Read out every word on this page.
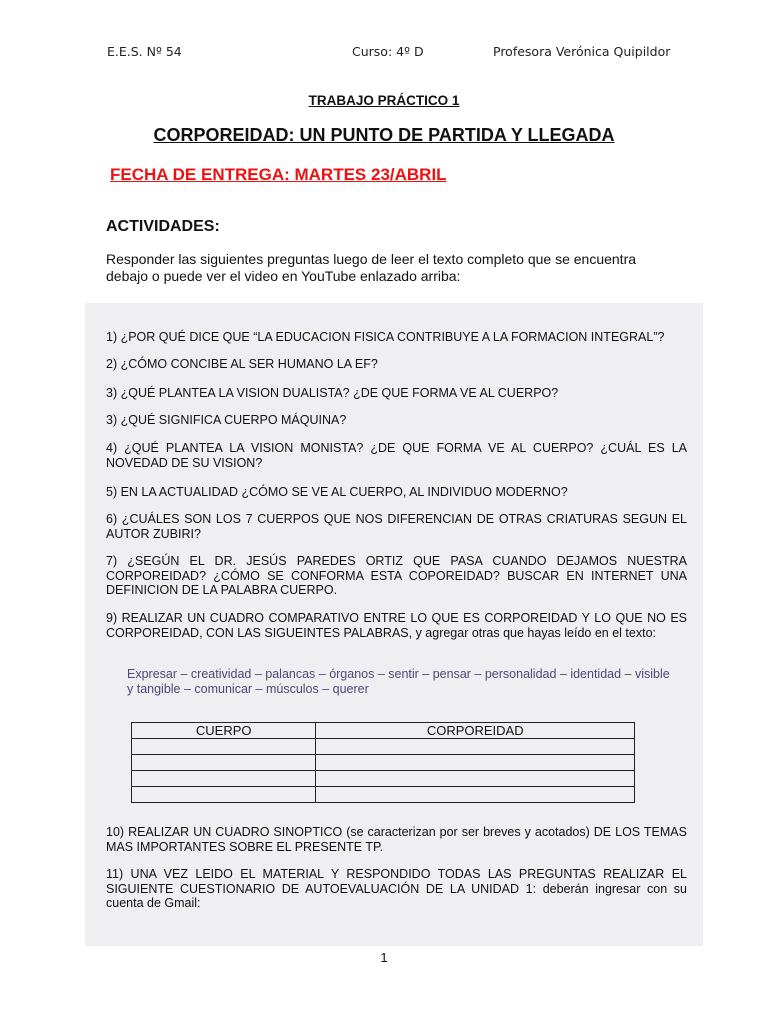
E.E.S. Nº 54	Curso: 4º D	Profesora Verónica Quipildor
TRABAJO PRÁCTICO 1
CORPOREIDAD: UN PUNTO DE PARTIDA Y LLEGADA
FECHA DE ENTREGA: MARTES 23/ABRIL
ACTIVIDADES:
Responder las siguientes preguntas luego de leer el texto completo que se encuentra debajo o puede ver el video en YouTube enlazado arriba:
1) ¿POR QUÉ DICE QUE “LA EDUCACION FISICA CONTRIBUYE A LA FORMACION INTEGRAL”?
2) ¿CÓMO CONCIBE AL SER HUMANO LA EF?
3) ¿QUÉ PLANTEA LA VISION DUALISTA? ¿DE QUE FORMA VE AL CUERPO?
3) ¿QUÉ SIGNIFICA CUERPO MÁQUINA?
4) ¿QUÉ PLANTEA LA VISION MONISTA? ¿DE QUE FORMA VE AL CUERPO? ¿CUÁL ES LA NOVEDAD DE SU VISION?
5) EN LA ACTUALIDAD ¿CÓMO SE VE AL CUERPO, AL INDIVIDUO MODERNO?
6) ¿CUÁLES SON LOS 7 CUERPOS QUE NOS DIFERENCIAN DE OTRAS CRIATURAS SEGUN EL AUTOR ZUBIRI?
7) ¿SEGÚN EL DR. JESÚS PAREDES ORTIZ QUE PASA CUANDO DEJAMOS NUESTRA CORPOREIDAD? ¿CÓMO SE CONFORMA ESTA COPOREIDAD? BUSCAR EN INTERNET UNA DEFINICION DE LA PALABRA CUERPO.
9) REALIZAR UN CUADRO COMPARATIVO ENTRE LO QUE ES CORPOREIDAD Y LO QUE NO ES CORPOREIDAD, CON LAS SIGUEINTES PALABRAS, y agregar otras que hayas leído en el texto:
Expresar – creatividad – palancas – órganos – sentir – pensar – personalidad – identidad – visible y tangible – comunicar – músculos – querer
CUERPO	CORPOREIDAD

10) REALIZAR UN CUADRO SINOPTICO (se caracterizan por ser breves y acotados) DE LOS TEMAS MAS IMPORTANTES SOBRE EL PRESENTE TP.
11) UNA VEZ LEIDO EL MATERIAL Y RESPONDIDO TODAS LAS PREGUNTAS REALIZAR EL SIGUIENTE CUESTIONARIO DE AUTOEVALUACIÓN DE LA UNIDAD 1: deberán ingresar con su cuenta de Gmail:
1
